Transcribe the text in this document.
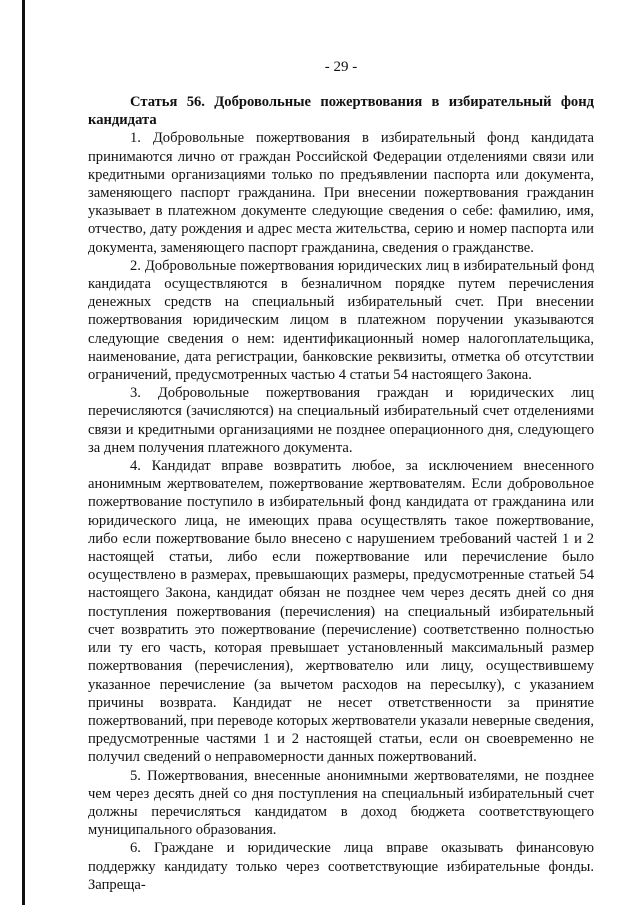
- 29 -

Статья 56. Добровольные пожертвования в избирательный фонд кандидата

1. Добровольные пожертвования в избирательный фонд кандидата принимаются лично от граждан Российской Федерации отделениями связи или кредитными организациями только по предъявлении паспорта или документа, заменяющего паспорт гражданина. При внесении пожертвования гражданин указывает в платежном документе следующие сведения о себе: фамилию, имя, отчество, дату рождения и адрес места жительства, серию и номер паспорта или документа, заменяющего паспорт гражданина, сведения о гражданстве.

2. Добровольные пожертвования юридических лиц в избирательный фонд кандидата осуществляются в безналичном порядке путем перечисления денежных средств на специальный избирательный счет. При внесении пожертвования юридическим лицом в платежном поручении указываются следующие сведения о нем: идентификационный номер налогоплательщика, наименование, дата регистрации, банковские реквизиты, отметка об отсутствии ограничений, предусмотренных частью 4 статьи 54 настоящего Закона.

3. Добровольные пожертвования граждан и юридических лиц перечисляются (зачисляются) на специальный избирательный счет отделениями связи и кредитными организациями не позднее операционного дня, следующего за днем получения платежного документа.

4. Кандидат вправе возвратить любое, за исключением внесенного анонимным жертвователем, пожертвование жертвователям. Если добровольное пожертвование поступило в избирательный фонд кандидата от гражданина или юридического лица, не имеющих права осуществлять такое пожертвование, либо если пожертвование было внесено с нарушением требований частей 1 и 2 настоящей статьи, либо если пожертвование или перечисление было осуществлено в размерах, превышающих размеры, предусмотренные статьей 54 настоящего Закона, кандидат обязан не позднее чем через десять дней со дня поступления пожертвования (перечисления) на специальный избирательный счет возвратить это пожертвование (перечисление) соответственно полностью или ту его часть, которая превышает установленный максимальный размер пожертвования (перечисления), жертвователю или лицу, осуществившему указанное перечисление (за вычетом расходов на пересылку), с указанием причины возврата. Кандидат не несет ответственности за принятие пожертвований, при переводе которых жертвователи указали неверные сведения, предусмотренные частями 1 и 2 настоящей статьи, если он своевременно не получил сведений о неправомерности данных пожертвований.

5. Пожертвования, внесенные анонимными жертвователями, не позднее чем через десять дней со дня поступления на специальный избирательный счет должны перечисляться кандидатом в доход бюджета соответствующего муниципального образования.

6. Граждане и юридические лица вправе оказывать финансовую поддержку кандидату только через соответствующие избирательные фонды. Запреща-
